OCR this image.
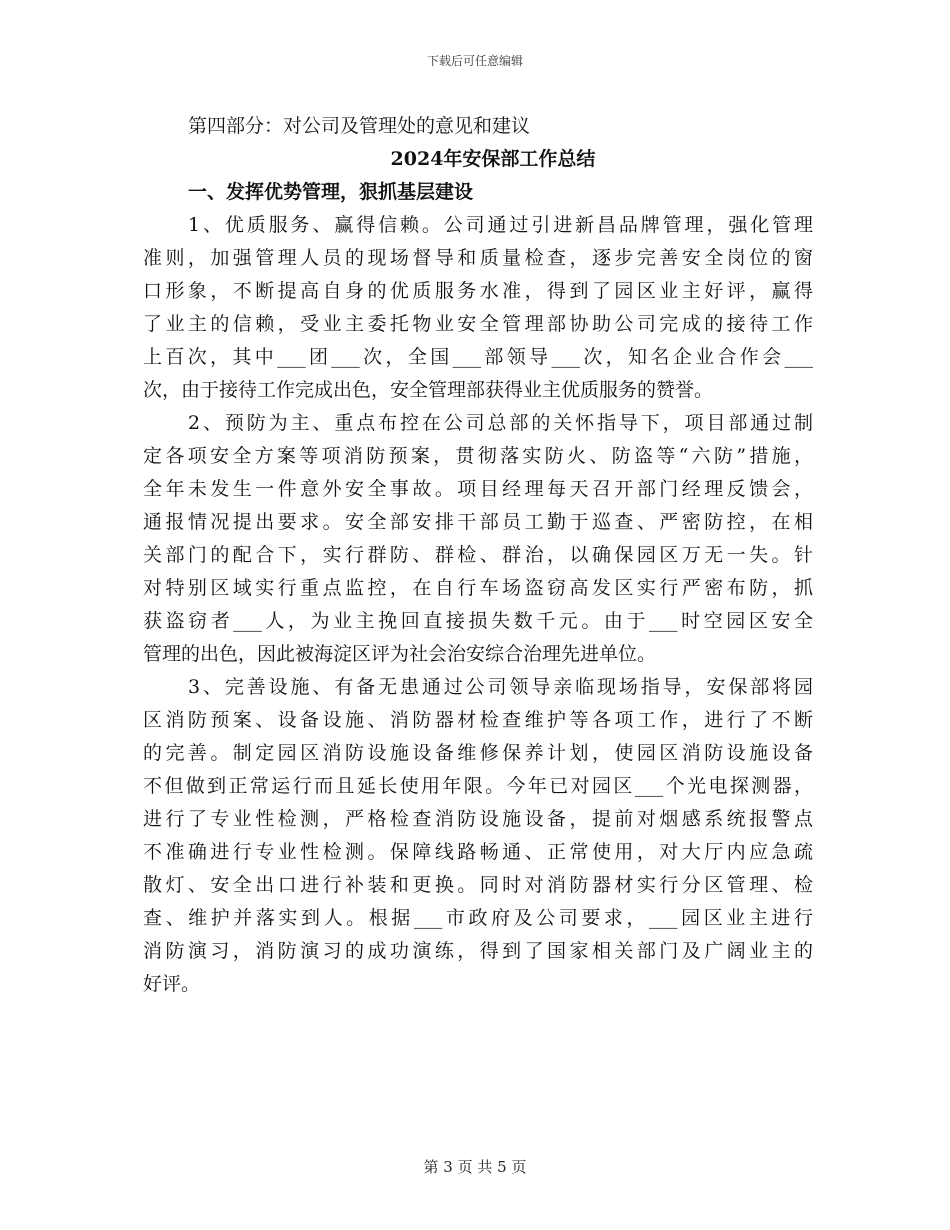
下载后可任意编辑
第四部分：对公司及管理处的意见和建议
2024年安保部工作总结
一、发挥优势管理，狠抓基层建设
1、优质服务、赢得信赖。公司通过引进新昌品牌管理，强化管理
准则，加强管理人员的现场督导和质量检查，逐步完善安全岗位的窗
口形象，不断提高自身的优质服务水准，得到了园区业主好评，赢得
了业主的信赖，受业主委托物业安全管理部协助公司完成的接待工作
上百次，其中___团___次，全国___部领导___次，知名企业合作会___
次，由于接待工作完成出色，安全管理部获得业主优质服务的赞誉。
2、预防为主、重点布控在公司总部的关怀指导下，项目部通过制
定各项安全方案等项消防预案，贯彻落实防火、防盗等“六防”措施，
全年未发生一件意外安全事故。项目经理每天召开部门经理反馈会，
通报情况提出要求。安全部安排干部员工勤于巡查、严密防控，在相
关部门的配合下，实行群防、群检、群治，以确保园区万无一失。针
对特别区域实行重点监控，在自行车场盗窃高发区实行严密布防，抓
获盗窃者___人，为业主挽回直接损失数千元。由于___时空园区安全
管理的出色，因此被海淀区评为社会治安综合治理先进单位。
3、完善设施、有备无患通过公司领导亲临现场指导，安保部将园
区消防预案、设备设施、消防器材检查维护等各项工作，进行了不断
的完善。制定园区消防设施设备维修保养计划，使园区消防设施设备
不但做到正常运行而且延长使用年限。今年已对园区___个光电探测器，
进行了专业性检测，严格检查消防设施设备，提前对烟感系统报警点
不准确进行专业性检测。保障线路畅通、正常使用，对大厅内应急疏
散灯、安全出口进行补装和更换。同时对消防器材实行分区管理、检
查、维护并落实到人。根据___市政府及公司要求，___园区业主进行
消防演习，消防演习的成功演练，得到了国家相关部门及广阔业主的
好评。
第 3 页 共 5 页
